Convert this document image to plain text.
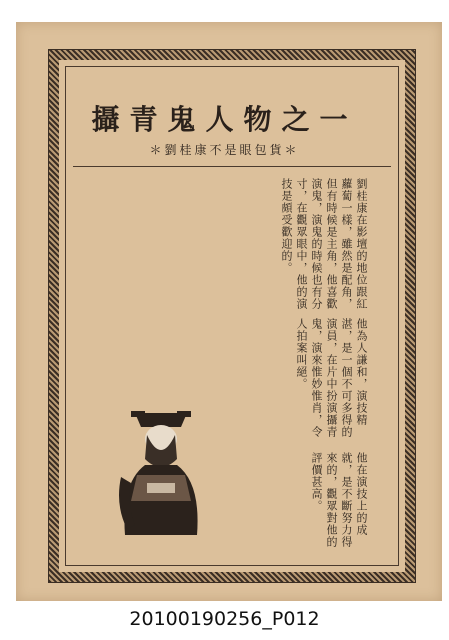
一之物人鬼青攝
＊貨包眼是不康桂劉＊
劉桂康在影壇的地位跟紅蘿蔔一樣，雖然是配角，但有時候是主角，他喜歡演鬼，演鬼的時候也有分寸，在觀眾眼中，他的演技是頗受歡迎的。
他為人謙和，演技精湛，是一個不可多得的演員，在片中扮演攝青鬼，演來惟妙惟肖，令人拍案叫絕。
他在演技上的成就，是不斷努力得來的，觀眾對他的評價甚高。
20100190256_P012
